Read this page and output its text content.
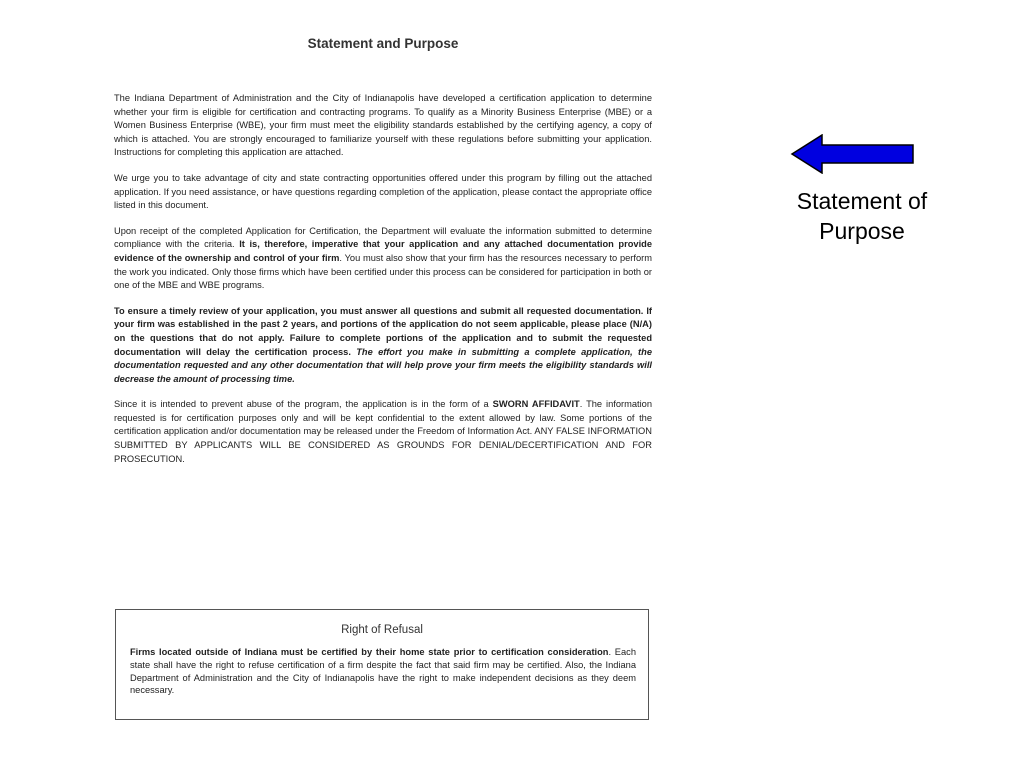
Statement and Purpose

The Indiana Department of Administration and the City of Indianapolis have developed a certification application to determine whether your firm is eligible for certification and contracting programs. To qualify as a Minority Business Enterprise (MBE) or a Women Business Enterprise (WBE), your firm must meet the eligibility standards established by the certifying agency, a copy of which is attached. You are strongly encouraged to familiarize yourself with these regulations before submitting your application. Instructions for completing this application are attached.

We urge you to take advantage of city and state contracting opportunities offered under this program by filling out the attached application. If you need assistance, or have questions regarding completion of the application, please contact the appropriate office listed in this document.

Upon receipt of the completed Application for Certification, the Department will evaluate the information submitted to determine compliance with the criteria. It is, therefore, imperative that your application and any attached documentation provide evidence of the ownership and control of your firm. You must also show that your firm has the resources necessary to perform the work you indicated. Only those firms which have been certified under this process can be considered for participation in both or one of the MBE and WBE programs.

To ensure a timely review of your application, you must answer all questions and submit all requested documentation. If your firm was established in the past 2 years, and portions of the application do not seem applicable, please place (N/A) on the questions that do not apply. Failure to complete portions of the application and to submit the requested documentation will delay the certification process. The effort you make in submitting a complete application, the documentation requested and any other documentation that will help prove your firm meets the eligibility standards will decrease the amount of processing time.

Since it is intended to prevent abuse of the program, the application is in the form of a SWORN AFFIDAVIT. The information requested is for certification purposes only and will be kept confidential to the extent allowed by law. Some portions of the certification application and/or documentation may be released under the Freedom of Information Act. ANY FALSE INFORMATION SUBMITTED BY APPLICANTS WILL BE CONSIDERED AS GROUNDS FOR DENIAL/DECERTIFICATION AND FOR PROSECUTION.

Right of Refusal
Firms located outside of Indiana must be certified by their home state prior to certification consideration. Each state shall have the right to refuse certification of a firm despite the fact that said firm may be certified. Also, the Indiana Department of Administration and the City of Indianapolis have the right to make independent decisions as they deem necessary.
Statement of
Purpose
